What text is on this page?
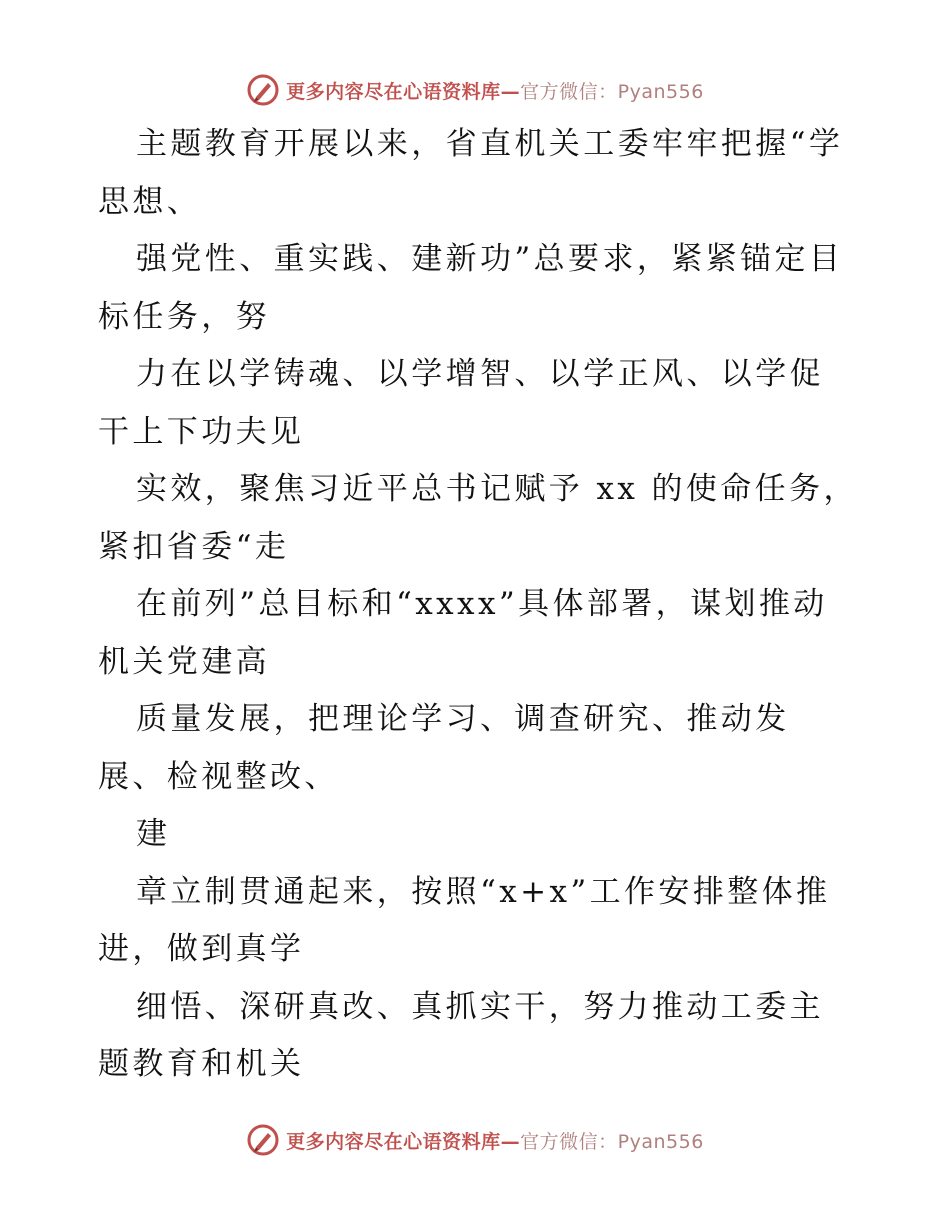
更多内容尽在心语资料库—官方微信：Pyan556

主题教育开展以来，省直机关工委牢牢把握“学思想、

强党性、重实践、建新功”总要求，紧紧锚定目标任务，努

力在以学铸魂、以学增智、以学正风、以学促干上下功夫见

实效，聚焦习近平总书记赋予 xx 的使命任务，紧扣省委“走

在前列”总目标和“xxxx”具体部署，谋划推动机关党建高

质量发展，把理论学习、调查研究、推动发展、检视整改、

建

章立制贯通起来，按照“x+x”工作安排整体推进，做到真学

细悟、深研真改、真抓实干，努力推动工委主题教育和机关

更多内容尽在心语资料库—官方微信：Pyan556
